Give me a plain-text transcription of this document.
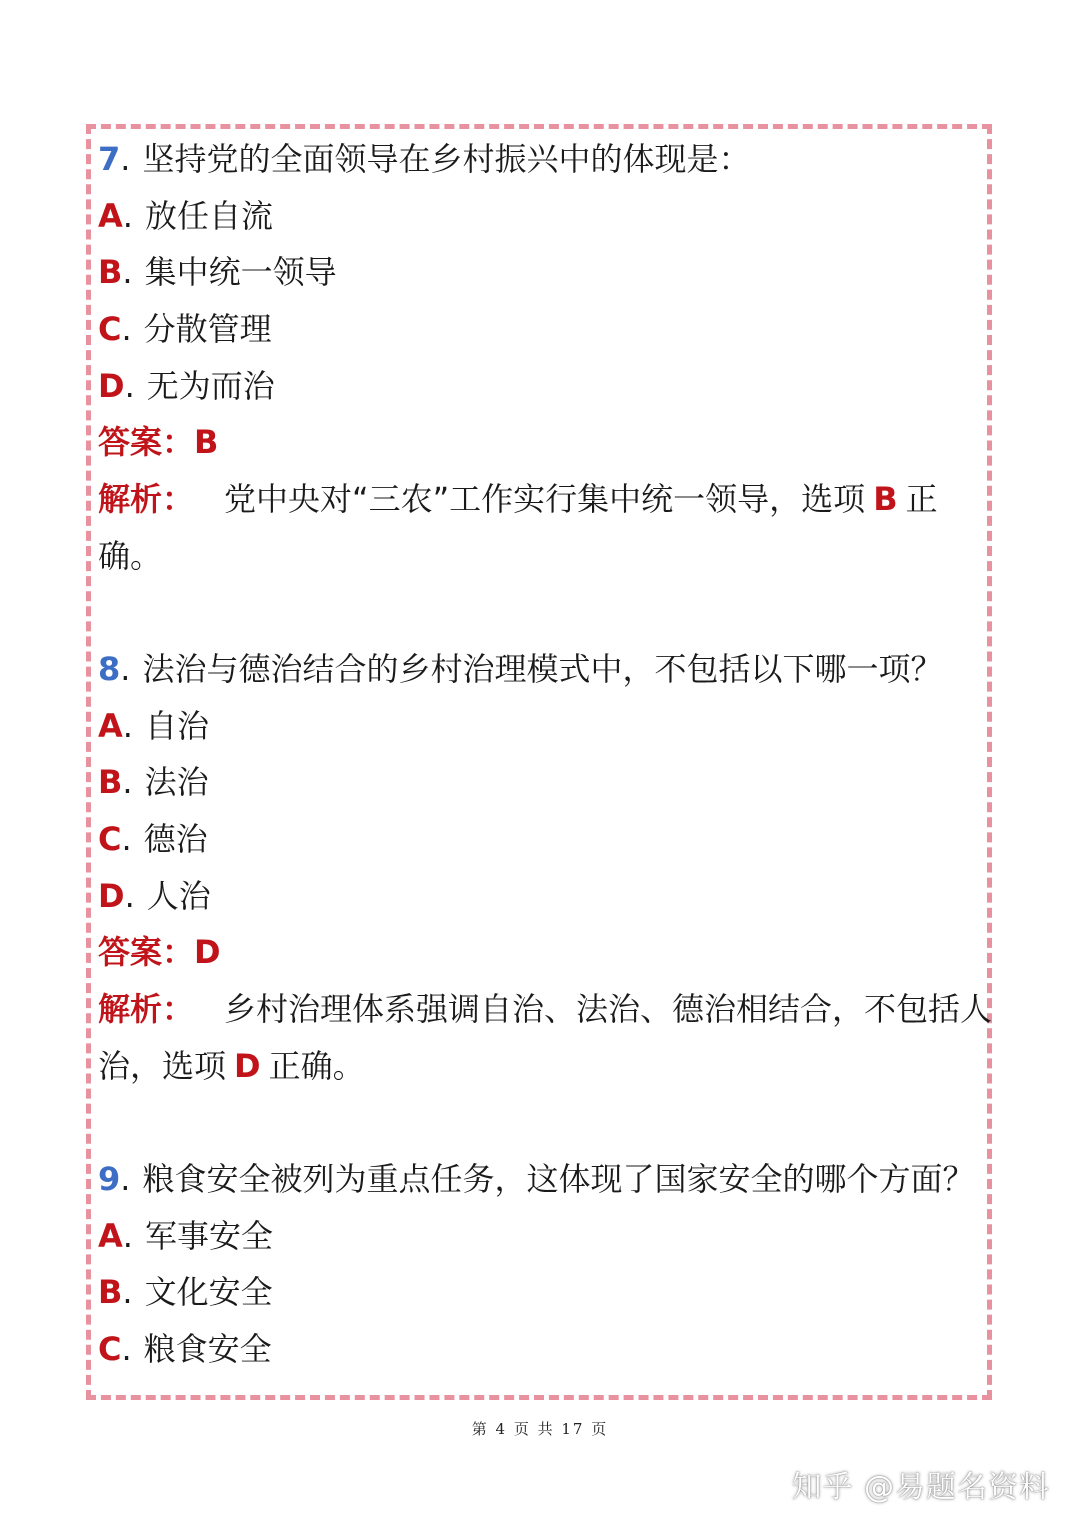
7. 坚持党的全面领导在乡村振兴中的体现是：
A. 放任自流
B. 集中统一领导
C. 分散管理
D. 无为而治
答案：B
解析： 党中央对“三农”工作实行集中统一领导，选项 B 正
确。
8. 法治与德治结合的乡村治理模式中，不包括以下哪一项？
A. 自治
B. 法治
C. 德治
D. 人治
答案：D
解析： 乡村治理体系强调自治、法治、德治相结合，不包括人
治，选项 D 正确。
9. 粮食安全被列为重点任务，这体现了国家安全的哪个方面？
A. 军事安全
B. 文化安全
C. 粮食安全
第 4 页 共 17 页
知乎 @易题名资料
